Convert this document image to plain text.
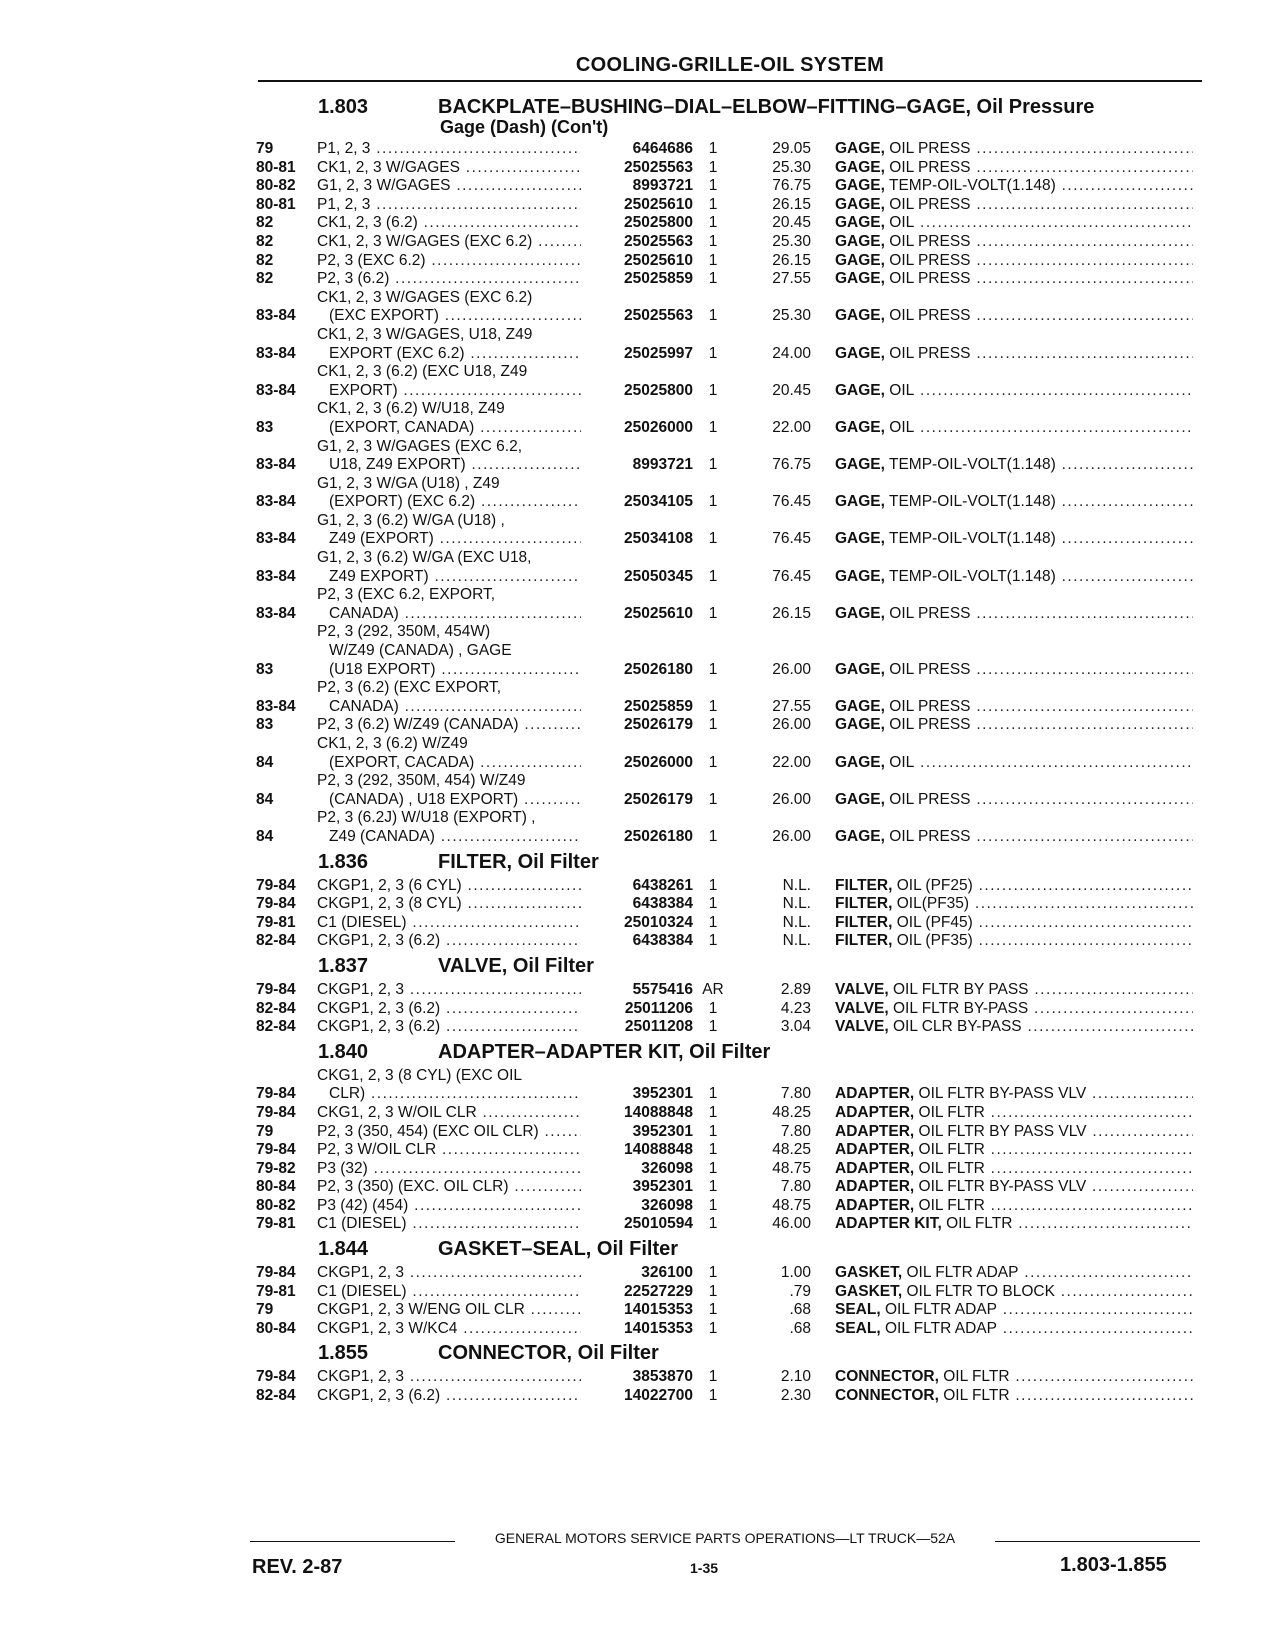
COOLING-GRILLE-OIL SYSTEM
1.803	BACKPLATE–BUSHING–DIAL–ELBOW–FITTING–GAGE, Oil Pressure
Gage (Dash) (Con't)
79	P1, 2, 3 .....	6464686	1	29.05 GAGE, OIL PRESS .....
80-81	CK1, 2, 3 W/GAGES .....	25025563	1	25.30 GAGE, OIL PRESS .....
80-82	G1, 2, 3 W/GAGES .....	8993721	1	76.75 GAGE, TEMP-OIL-VOLT(1.148) .....
80-81	P1, 2, 3 .....	25025610	1	26.15 GAGE, OIL PRESS .....
82	CK1, 2, 3 (6.2) .....	25025800	1	20.45 GAGE, OIL .....
82	CK1, 2, 3 W/GAGES (EXC 6.2) .....	25025563	1	25.30 GAGE, OIL PRESS .....
82	P2, 3 (EXC 6.2) .....	25025610	1	26.15 GAGE, OIL PRESS .....
82	P2, 3 (6.2) .....	25025859	1	27.55 GAGE, OIL PRESS .....
83-84
CK1, 2, 3 W/GAGES (EXC 6.2)
(EXC EXPORT) .....	25025563	1	25.30 GAGE, OIL PRESS .....
83-84
CK1, 2, 3 W/GAGES, U18, Z49
EXPORT (EXC 6.2) .....	25025997	1	24.00 GAGE, OIL PRESS .....
83-84
CK1, 2, 3 (6.2) (EXC U18, Z49
EXPORT) .....	25025800	1	20.45 GAGE, OIL .....
83
CK1, 2, 3 (6.2) W/U18, Z49
(EXPORT, CANADA) .....	25026000	1	22.00 GAGE, OIL .....
83-84
G1, 2, 3 W/GAGES (EXC 6.2,
U18, Z49 EXPORT) .....	8993721	1	76.75 GAGE, TEMP-OIL-VOLT(1.148) .....
83-84
G1, 2, 3 W/GA (U18) , Z49
(EXPORT) (EXC 6.2) .....	25034105	1	76.45 GAGE, TEMP-OIL-VOLT(1.148) .....
83-84
G1, 2, 3 (6.2) W/GA (U18) ,
Z49 (EXPORT) .....	25034108	1	76.45 GAGE, TEMP-OIL-VOLT(1.148) .....
83-84
G1, 2, 3 (6.2) W/GA (EXC U18,
Z49 EXPORT) .....	25050345	1	76.45 GAGE, TEMP-OIL-VOLT(1.148) .....
83-84
P2, 3 (EXC 6.2, EXPORT,
CANADA) .....	25025610	1	26.15 GAGE, OIL PRESS .....
83
P2, 3 (292, 350M, 454W)
W/Z49 (CANADA) , GAGE
(U18 EXPORT) .....	25026180	1	26.00 GAGE, OIL PRESS .....
83-84
P2, 3 (6.2) (EXC EXPORT,
CANADA) .....	25025859	1	27.55 GAGE, OIL PRESS .....
83	P2, 3 (6.2) W/Z49 (CANADA) .....	25026179	1	26.00 GAGE, OIL PRESS .....
84
CK1, 2, 3 (6.2) W/Z49
(EXPORT, CACADA) .....	25026000	1	22.00 GAGE, OIL .....
84
P2, 3 (292, 350M, 454) W/Z49
(CANADA) , U18 EXPORT) .....	25026179	1	26.00 GAGE, OIL PRESS .....
84
P2, 3 (6.2J) W/U18 (EXPORT) ,
Z49 (CANADA) .....	25026180	1	26.00 GAGE, OIL PRESS .....
1.836	FILTER, Oil Filter
79-84	CKGP1, 2, 3 (6 CYL) .....	6438261	1	N.L. FILTER, OIL (PF25) .....
79-84	CKGP1, 2, 3 (8 CYL) .....	6438384	1	N.L. FILTER, OIL(PF35) .....
79-81	C1 (DIESEL) .....	25010324	1	N.L. FILTER, OIL (PF45) .....
82-84	CKGP1, 2, 3 (6.2) .....	6438384	1	N.L. FILTER, OIL (PF35) .....
1.837	VALVE, Oil Filter
79-84	CKGP1, 2, 3 .....	5575416 AR	2.89 VALVE, OIL FLTR BY PASS .....
82-84	CKGP1, 2, 3 (6.2) .....	25011206	1	4.23 VALVE, OIL FLTR BY-PASS .....
82-84	CKGP1, 2, 3 (6.2) .....	25011208	1	3.04 VALVE, OIL CLR BY-PASS .....
1.840	ADAPTER–ADAPTER KIT, Oil Filter
79-84
CKG1, 2, 3 (8 CYL) (EXC OIL
CLR) .....	3952301	1	7.80 ADAPTER, OIL FLTR BY-PASS VLV .....
79-84	CKG1, 2, 3 W/OIL CLR .....	14088848	1	48.25 ADAPTER, OIL FLTR .....
79	P2, 3 (350, 454) (EXC OIL CLR) .....	3952301	1	7.80 ADAPTER, OIL FLTR BY PASS VLV .....
79-84	P2, 3 W/OIL CLR .....	14088848	1	48.25 ADAPTER, OIL FLTR .....
79-82	P3 (32) .....	326098	1	48.75 ADAPTER, OIL FLTR .....
80-84	P2, 3 (350) (EXC. OIL CLR) .....	3952301	1	7.80 ADAPTER, OIL FLTR BY-PASS VLV .....
80-82	P3 (42) (454) .....	326098	1	48.75 ADAPTER, OIL FLTR .....
79-81	C1 (DIESEL) .....	25010594	1	46.00 ADAPTER KIT, OIL FLTR .....
1.844	GASKET–SEAL, Oil Filter
79-84	CKGP1, 2, 3 .....	326100	1	1.00 GASKET, OIL FLTR ADAP .....
79-81	C1 (DIESEL) .....	22527229	1	.79 GASKET, OIL FLTR TO BLOCK .....
79	CKGP1, 2, 3 W/ENG OIL CLR .....	14015353	1	.68 SEAL, OIL FLTR ADAP .....
80-84	CKGP1, 2, 3 W/KC4 .....	14015353	1	.68 SEAL, OIL FLTR ADAP .....
1.855	CONNECTOR, Oil Filter
79-84	CKGP1, 2, 3 .....	3853870	1	2.10 CONNECTOR, OIL FLTR .....
82-84	CKGP1, 2, 3 (6.2) .....	14022700	1	2.30 CONNECTOR, OIL FLTR .....
GENERAL MOTORS SERVICE PARTS OPERATIONS—LT TRUCK—52A
REV. 2-87	1-35	1.803-1.855
